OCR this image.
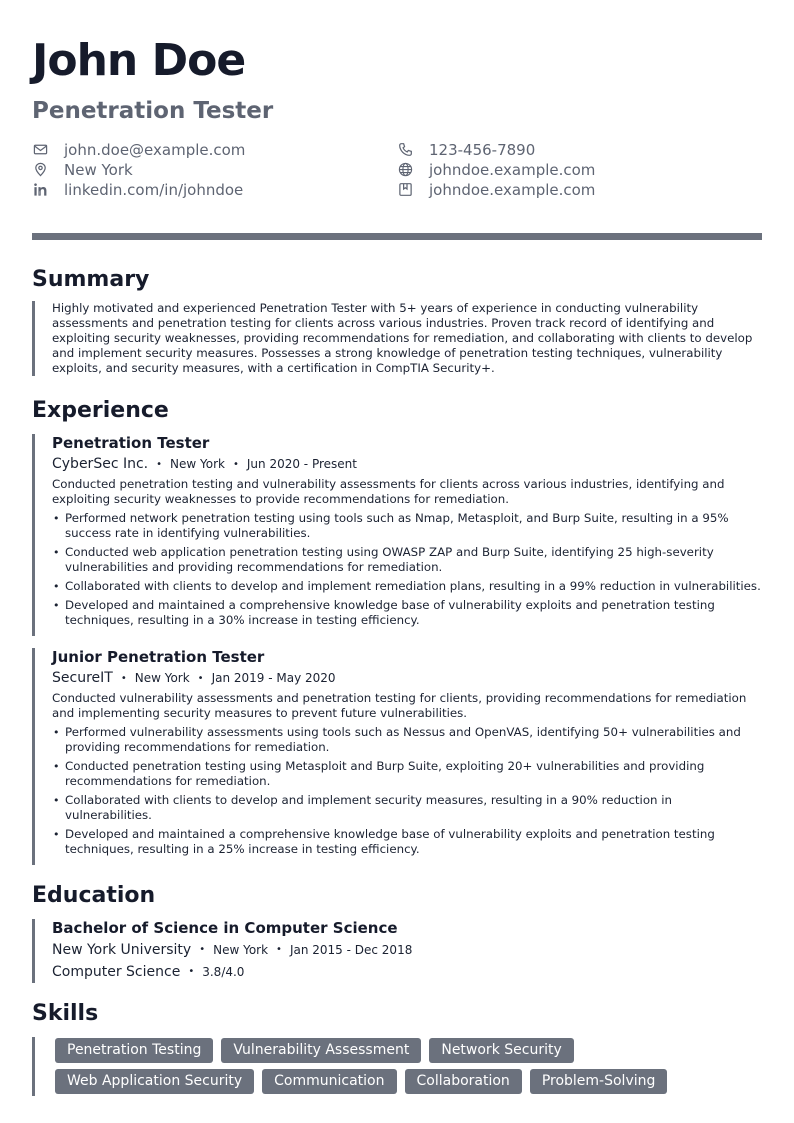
John Doe
Penetration Tester
john.doe@example.com	123-456-7890
New York	johndoe.example.com
linkedin.com/in/johndoe	johndoe.example.com
Summary

Highly motivated and experienced Penetration Tester with 5+ years of experience in conducting vulnerability assessments and penetration testing for clients across various industries. Proven track record of identifying and exploiting security weaknesses, providing recommendations for remediation, and collaborating with clients to develop and implement security measures. Possesses a strong knowledge of penetration testing techniques, vulnerability exploits, and security measures, with a certification in CompTIA Security+.

Experience
Penetration Tester
CyberSec Inc. • New York • Jun 2020 - Present

Conducted penetration testing and vulnerability assessments for clients across various industries, identifying and exploiting security weaknesses to provide recommendations for remediation.

• Performed network penetration testing using tools such as Nmap, Metasploit, and Burp Suite, resulting in a 95% success rate in identifying vulnerabilities.
• Conducted web application penetration testing using OWASP ZAP and Burp Suite, identifying 25 high-severity vulnerabilities and providing recommendations for remediation.
• Collaborated with clients to develop and implement remediation plans, resulting in a 99% reduction in vulnerabilities.
• Developed and maintained a comprehensive knowledge base of vulnerability exploits and penetration testing techniques, resulting in a 30% increase in testing efficiency.
Junior Penetration Tester
SecureIT • New York • Jan 2019 - May 2020

Conducted vulnerability assessments and penetration testing for clients, providing recommendations for remediation and implementing security measures to prevent future vulnerabilities.

• Performed vulnerability assessments using tools such as Nessus and OpenVAS, identifying 50+ vulnerabilities and providing recommendations for remediation.
• Conducted penetration testing using Metasploit and Burp Suite, exploiting 20+ vulnerabilities and providing recommendations for remediation.
• Collaborated with clients to develop and implement security measures, resulting in a 90% reduction in vulnerabilities.
• Developed and maintained a comprehensive knowledge base of vulnerability exploits and penetration testing techniques, resulting in a 25% increase in testing efficiency.
Education
Bachelor of Science in Computer Science
New York University • New York • Jan 2015 - Dec 2018
Computer Science • 3.8/4.0
Skills
Penetration Testing	Vulnerability Assessment	Network Security
Web Application Security	Communication	Collaboration	Problem-Solving
